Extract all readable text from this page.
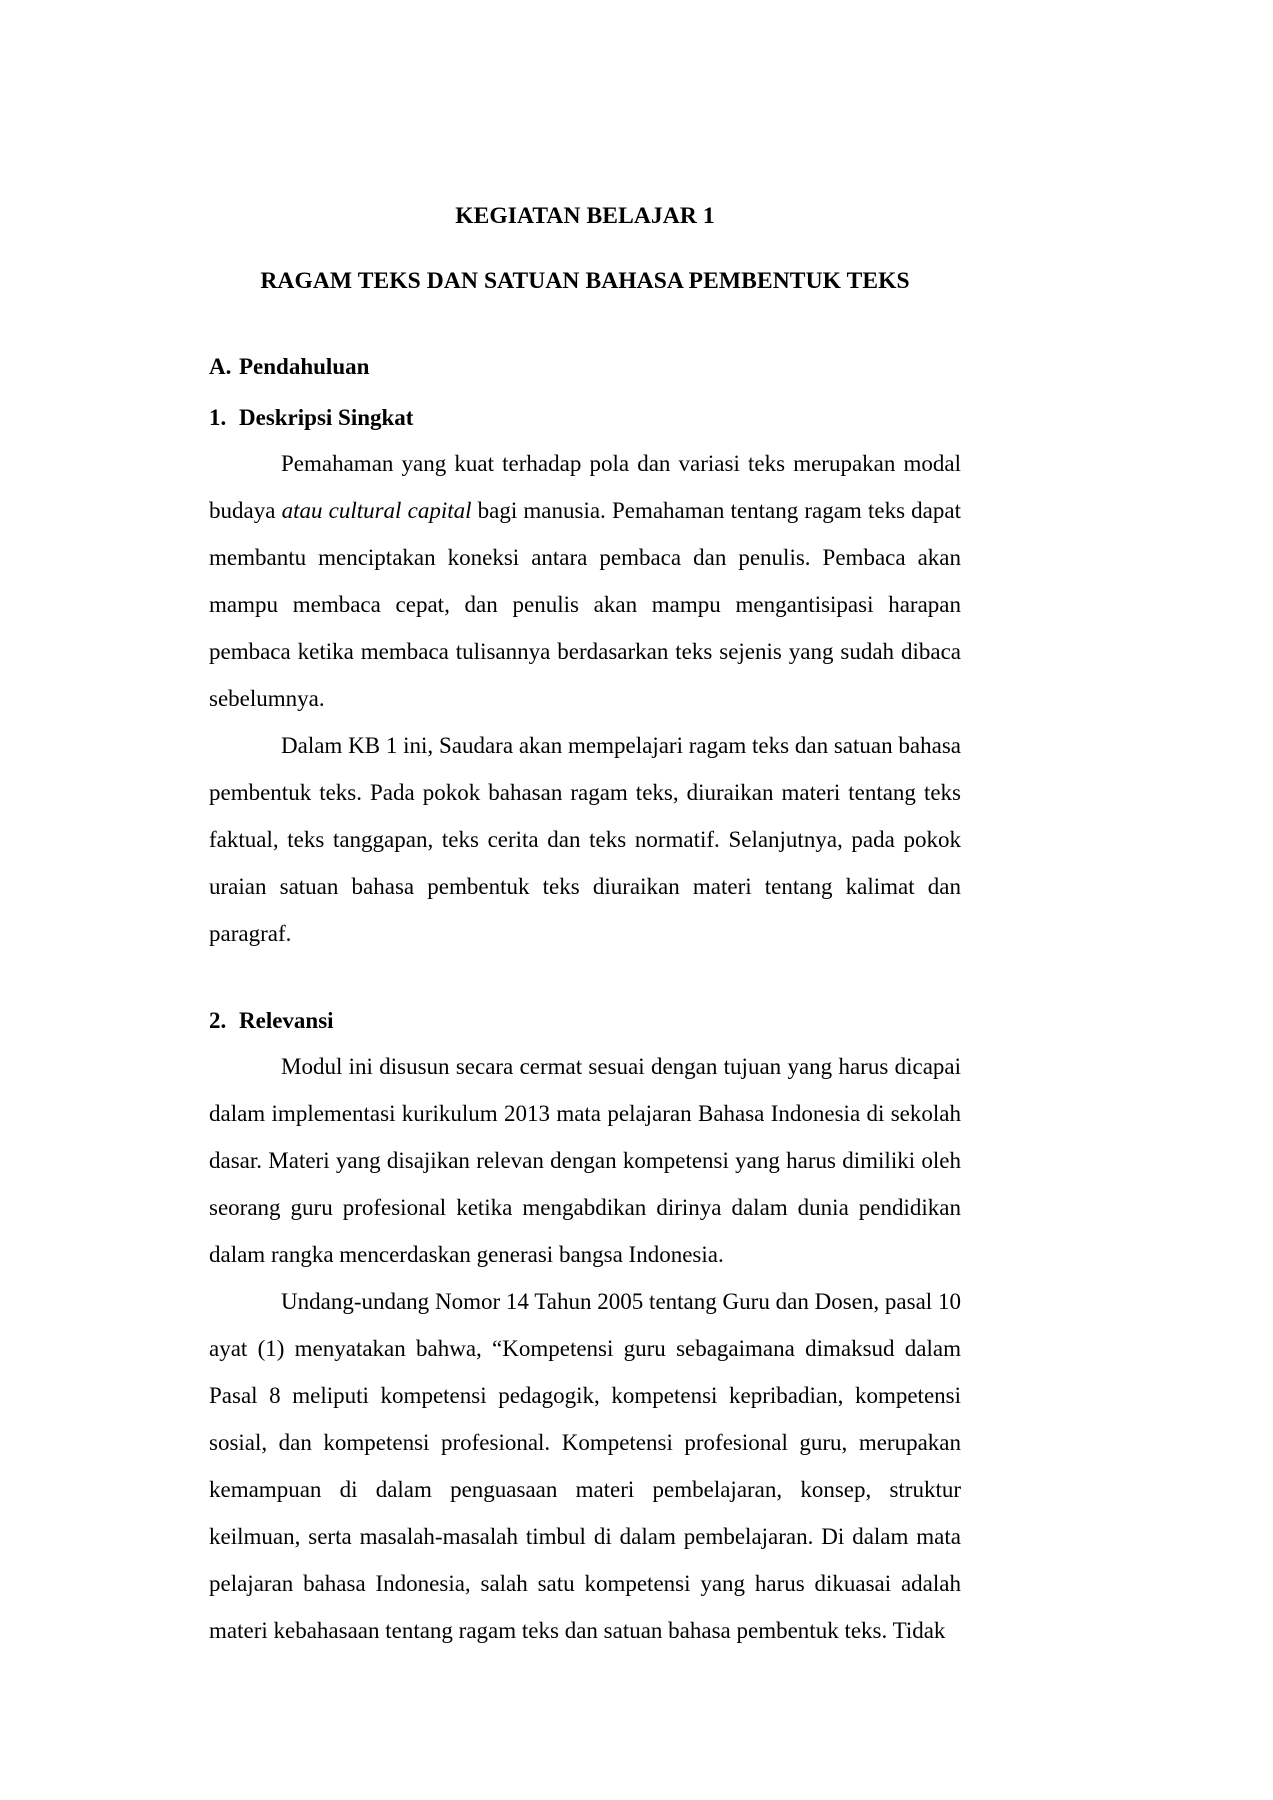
KEGIATAN BELAJAR 1
RAGAM TEKS DAN SATUAN BAHASA PEMBENTUK TEKS
A. Pendahuluan
1. Deskripsi Singkat

Pemahaman yang kuat terhadap pola dan variasi teks merupakan modal budaya atau cultural capital bagi manusia. Pemahaman tentang ragam teks dapat membantu menciptakan koneksi antara pembaca dan penulis. Pembaca akan mampu membaca cepat, dan penulis akan mampu mengantisipasi harapan pembaca ketika membaca tulisannya berdasarkan teks sejenis yang sudah dibaca sebelumnya.

Dalam KB 1 ini, Saudara akan mempelajari ragam teks dan satuan bahasa pembentuk teks. Pada pokok bahasan ragam teks, diuraikan materi tentang teks faktual, teks tanggapan, teks cerita dan teks normatif. Selanjutnya, pada pokok uraian satuan bahasa pembentuk teks diuraikan materi tentang kalimat dan paragraf.

2. Relevansi

Modul ini disusun secara cermat sesuai dengan tujuan yang harus dicapai dalam implementasi kurikulum 2013 mata pelajaran Bahasa Indonesia di sekolah dasar. Materi yang disajikan relevan dengan kompetensi yang harus dimiliki oleh seorang guru profesional ketika mengabdikan dirinya dalam dunia pendidikan dalam rangka mencerdaskan generasi bangsa Indonesia.

Undang-undang Nomor 14 Tahun 2005 tentang Guru dan Dosen, pasal 10 ayat (1) menyatakan bahwa, “Kompetensi guru sebagaimana dimaksud dalam Pasal 8 meliputi kompetensi pedagogik, kompetensi kepribadian, kompetensi sosial, dan kompetensi profesional. Kompetensi profesional guru, merupakan kemampuan di dalam penguasaan materi pembelajaran, konsep, struktur keilmuan, serta masalah-masalah timbul di dalam pembelajaran. Di dalam mata pelajaran bahasa Indonesia, salah satu kompetensi yang harus dikuasai adalah materi kebahasaan tentang ragam teks dan satuan bahasa pembentuk teks. Tidak
